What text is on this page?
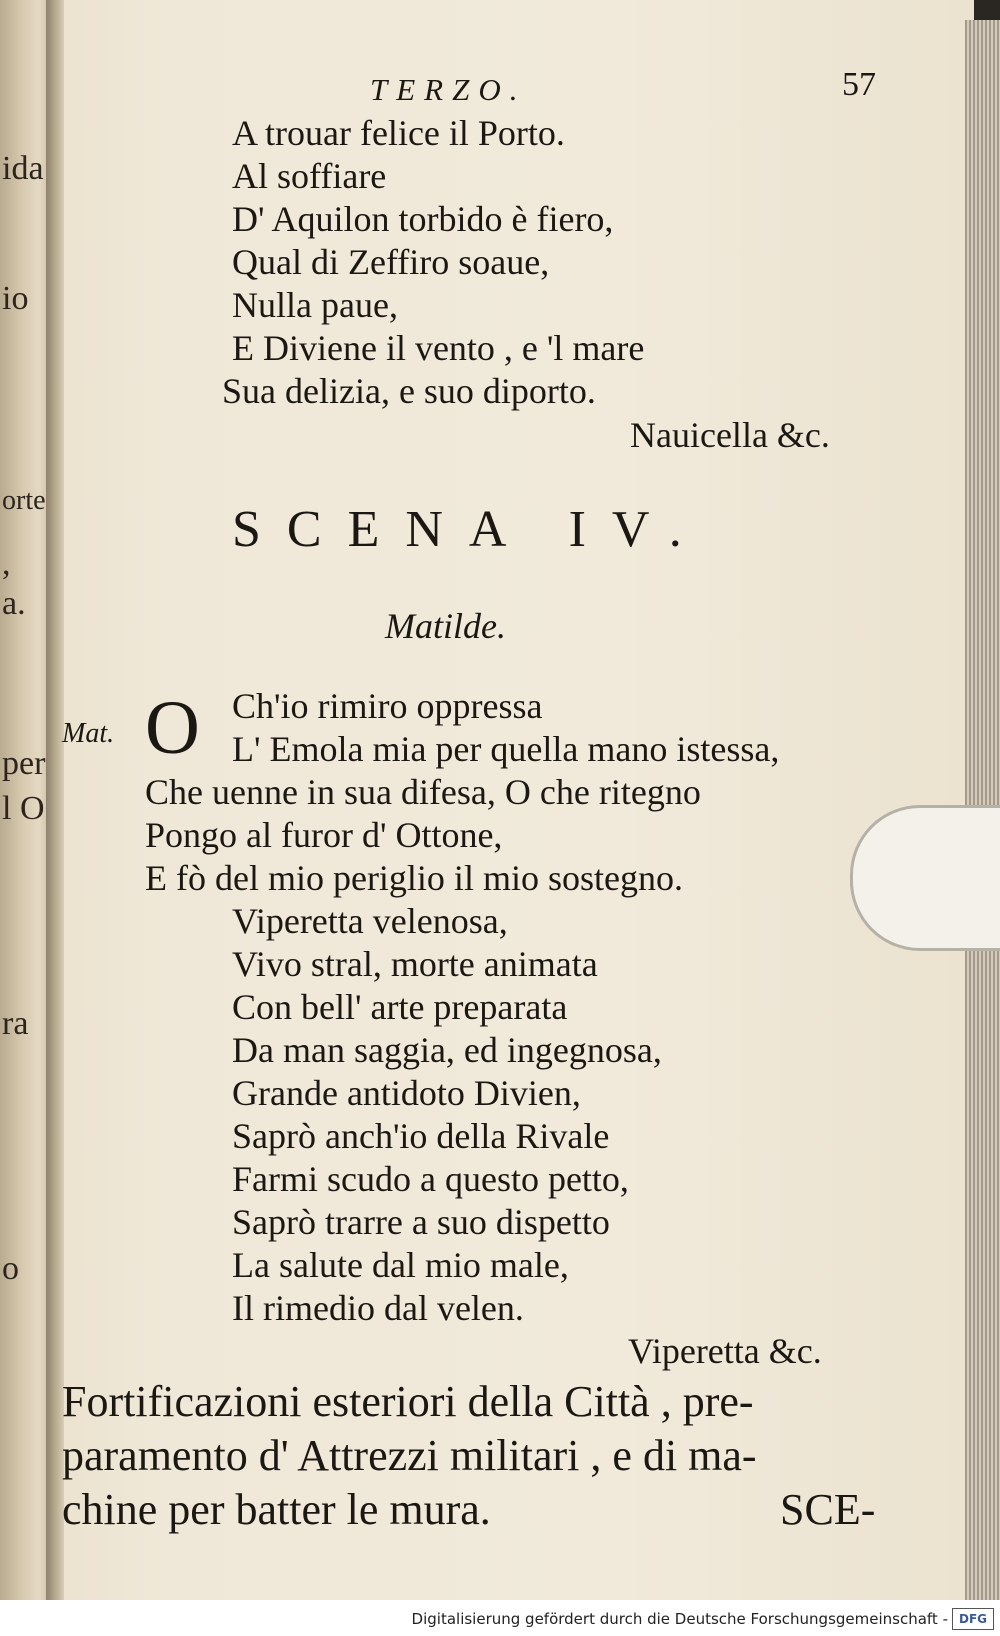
ida
io
orte
,
a.
per
l O
ra
o
TERZO.	57
A trouar felice il Porto.
Al soffiare
D' Aquilon torbido è fiero,
Qual di Zeffiro soaue,
Nulla paue,
E Diviene il vento , e 'l mare
Sua delizia, e suo diporto.
Nauicella &c.
SCENA IV.
Matilde.
Mat. O Ch'io rimiro oppressa
L' Emola mia per quella mano istessa,
Che uenne in sua difesa, O che ritegno
Pongo al furor d' Ottone,
E fò del mio periglio il mio sostegno.
Viperetta velenosa,
Vivo stral, morte animata
Con bell' arte preparata
Da man saggia, ed ingegnosa,
Grande antidoto Divien,
Saprò anch'io della Rivale
Farmi scudo a questo petto,
Saprò trarre a suo dispetto
La salute dal mio male,
Il rimedio dal velen.
Viperetta &c.
Fortificazioni esteriori della Città , pre-
paramento d' Attrezzi militari , e di ma-
chine per batter le mura.	SCE-
Digitalisierung gefördert durch die Deutsche Forschungsgemeinschaft - DFG
